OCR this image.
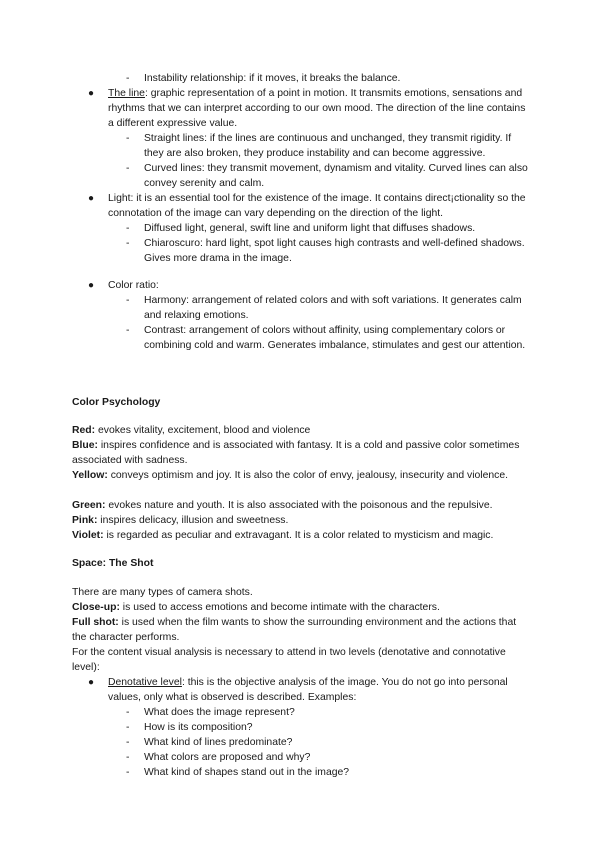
- Instability relationship: if it moves, it breaks the balance.
● The line: graphic representation of a point in motion. It transmits emotions, sensations and rhythms that we can interpret according to our own mood. The direction of the line contains a different expressive value.
- Straight lines: if the lines are continuous and unchanged, they transmit rigidity. If they are also broken, they produce instability and can become aggressive.
- Curved lines: they transmit movement, dynamism and vitality. Curved lines can also convey serenity and calm.
● Light: it is an essential tool for the existence of the image. It contains direct¡ctionality so the connotation of the image can vary depending on the direction of the light.
- Diffused light, general, swift line and uniform light that diffuses shadows.
- Chiaroscuro: hard light, spot light causes high contrasts and well-defined shadows. Gives more drama in the image.
● Color ratio:
- Harmony: arrangement of related colors and with soft variations. It generates calm and relaxing emotions.
- Contrast: arrangement of colors without affinity, using complementary colors or combining cold and warm. Generates imbalance, stimulates and gest our attention.
Color Psychology
Red: evokes vitality, excitement, blood and violence
Blue: inspires confidence and is associated with fantasy. It is a cold and passive color sometimes associated with sadness.
Yellow: conveys optimism and joy. It is also the color of envy, jealousy, insecurity and violence.
Green: evokes nature and youth. It is also associated with the poisonous and the repulsive.
Pink: inspires delicacy, illusion and sweetness.
Violet: is regarded as peculiar and extravagant. It is a color related to mysticism and magic.
Space: The Shot
There are many types of camera shots.
Close-up: is used to access emotions and become intimate with the characters.
Full shot: is used when the film wants to show the surrounding environment and the actions that the character performs.
For the content visual analysis is necessary to attend in two levels (denotative and connotative level):
● Denotative level: this is the objective analysis of the image. You do not go into personal values, only what is observed is described. Examples:
- What does the image represent?
- How is its composition?
- What kind of lines predominate?
- What colors are proposed and why?
- What kind of shapes stand out in the image?
